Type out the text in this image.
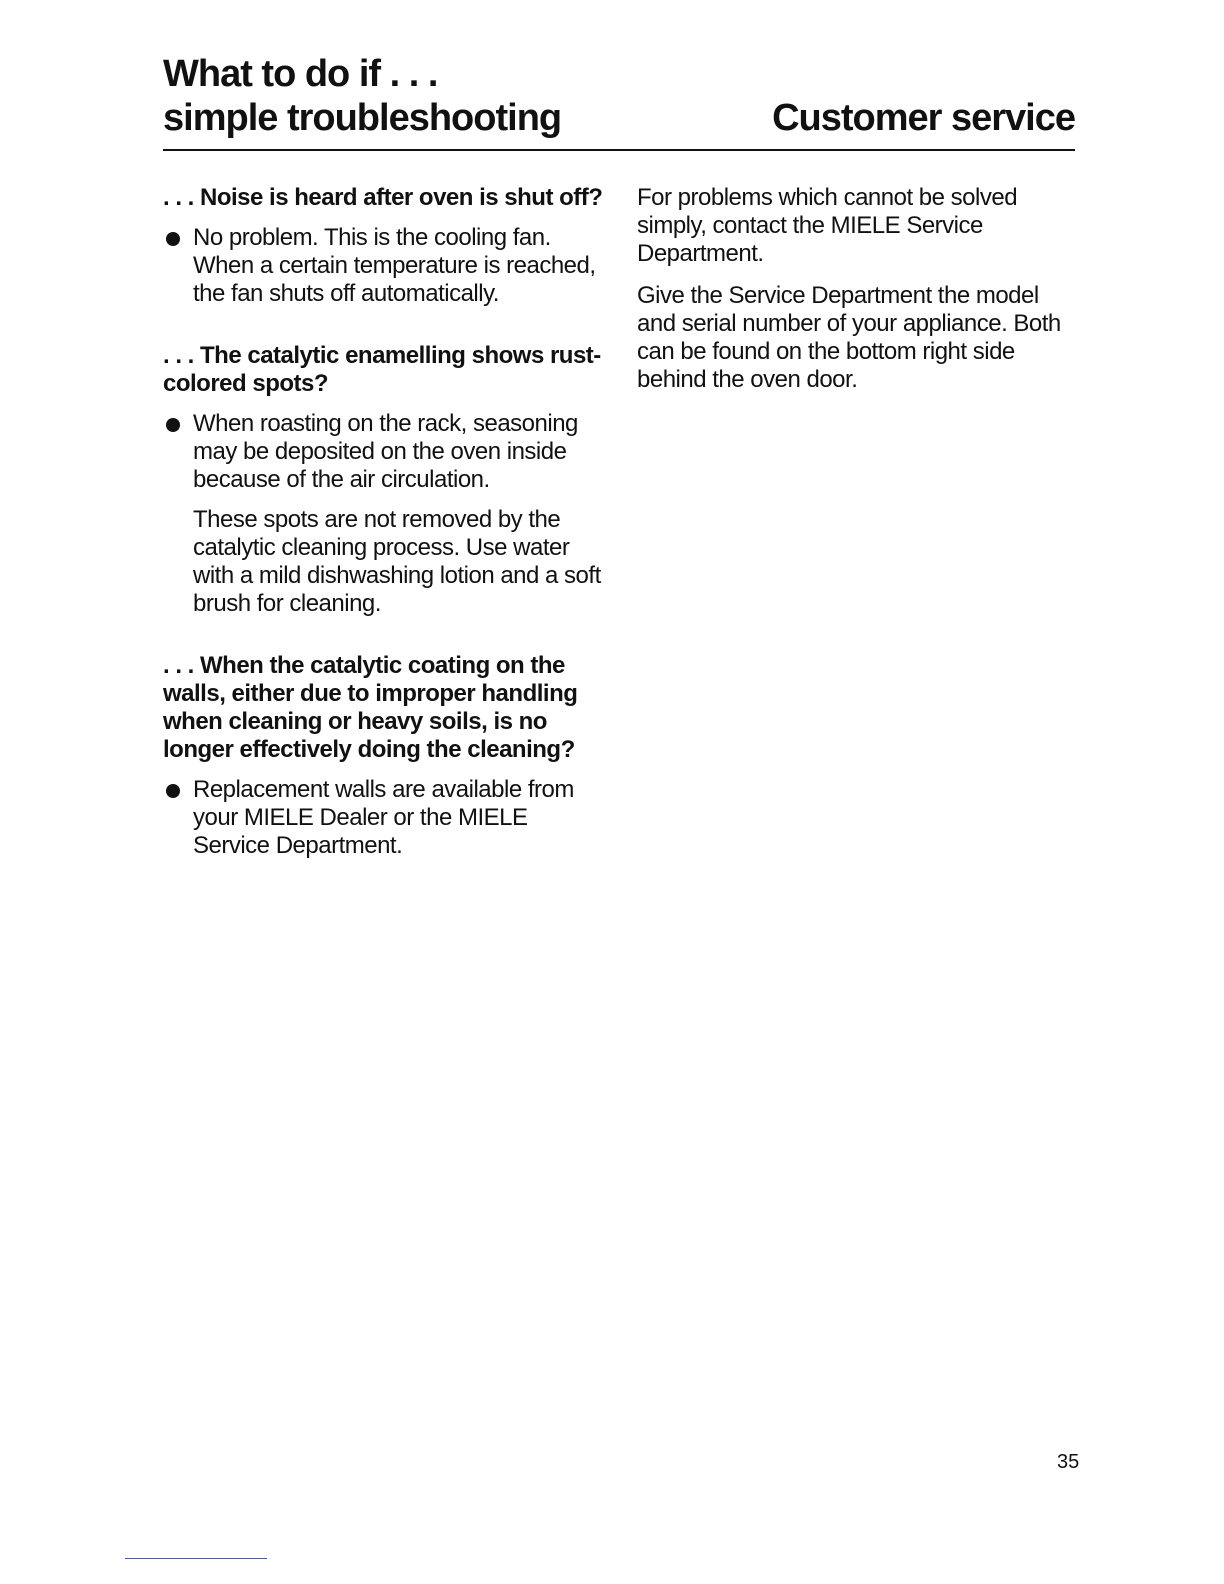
What to do if . . .
simple troubleshooting	Customer service

. . . Noise is heard after oven is shut off?

No problem. This is the cooling fan. When a certain temperature is reached, the fan shuts off automatically.

. . . The catalytic enamelling shows rust-colored spots?

When roasting on the rack, seasoning may be deposited on the oven inside because of the air circulation.

These spots are not removed by the catalytic cleaning process. Use water with a mild dishwashing lotion and a soft brush for cleaning.

. . . When the catalytic coating on the walls, either due to improper handling when cleaning or heavy soils, is no longer effectively doing the cleaning?

Replacement walls are available from your MIELE Dealer or the MIELE Service Department.

For problems which cannot be solved simply, contact the MIELE Service Department.

Give the Service Department the model and serial number of your appliance. Both can be found on the bottom right side behind the oven door.

35
